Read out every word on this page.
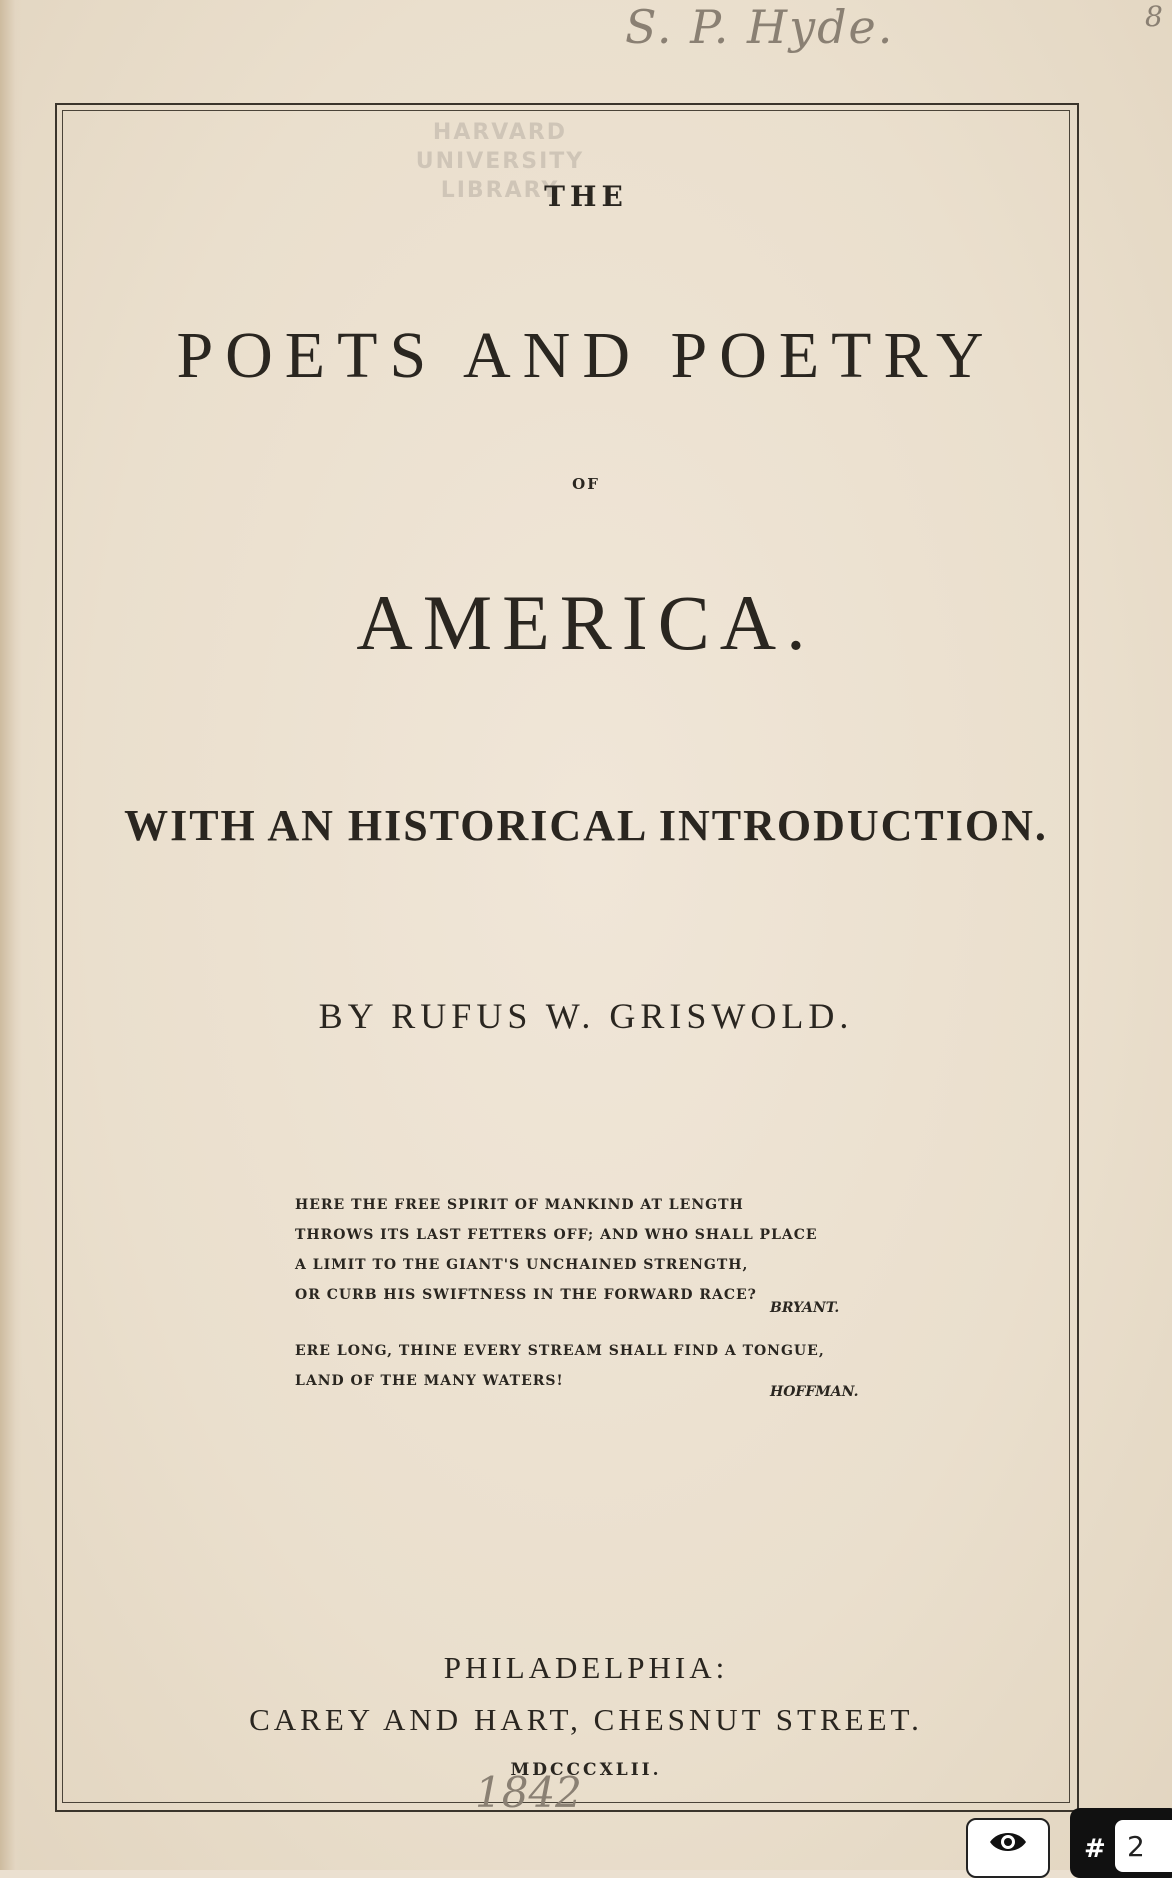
S. P. Hyde.	8
HARVARD
UNIVERSITY
LIBRARY
THE
POETS AND POETRY
OF
AMERICA.
WITH AN HISTORICAL INTRODUCTION.
BY RUFUS W. GRISWOLD.
HERE THE FREE SPIRIT OF MANKIND AT LENGTH
THROWS ITS LAST FETTERS OFF; AND WHO SHALL PLACE
A LIMIT TO THE GIANT'S UNCHAINED STRENGTH,
OR CURB HIS SWIFTNESS IN THE FORWARD RACE?
BRYANT.
ERE LONG, THINE EVERY STREAM SHALL FIND A TONGUE,
LAND OF THE MANY WATERS!
HOFFMAN.
PHILADELPHIA:
CAREY AND HART, CHESNUT STREET.
MDCCCXLII.
1842
#
2
